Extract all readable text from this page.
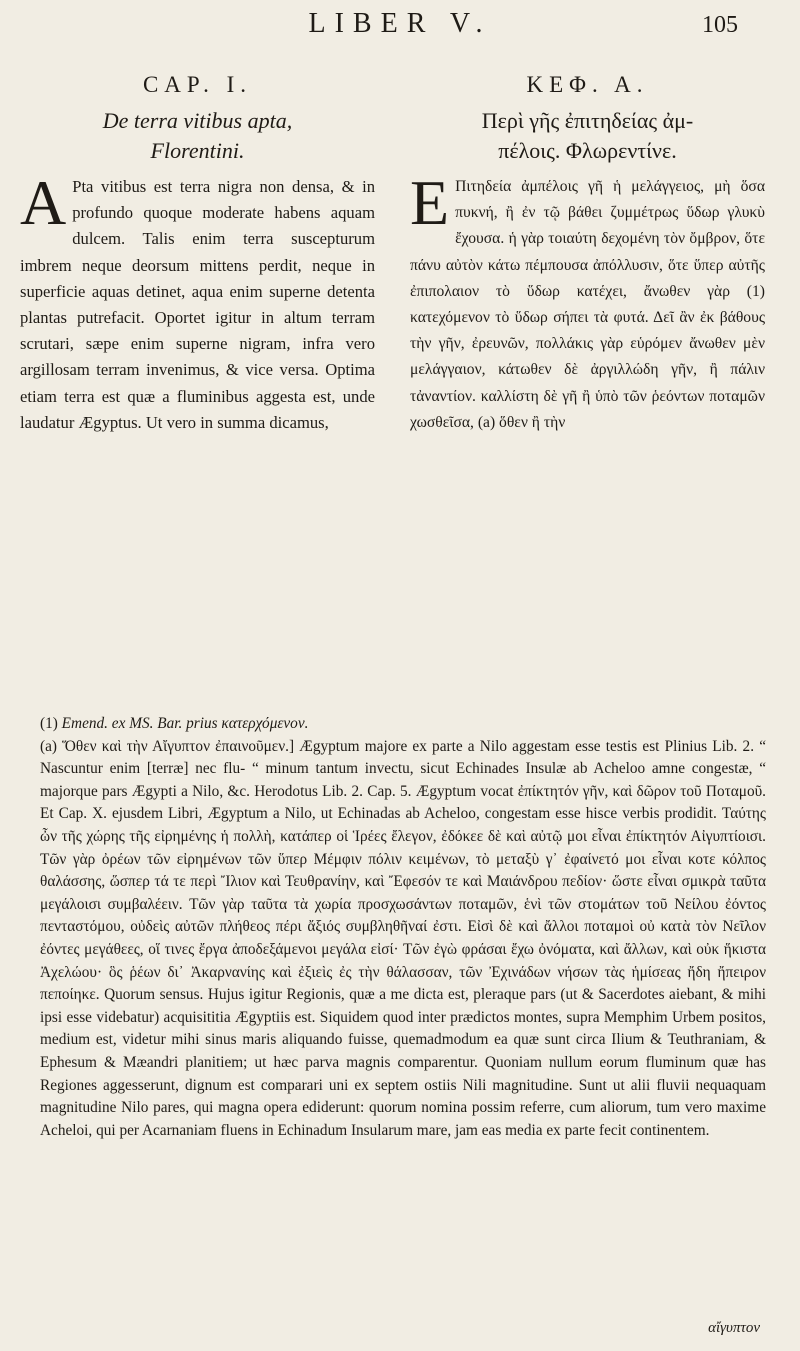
LIBER V.	105
CAP. I.
De terra vitibus apta,
Florentini.

A Pta vitibus est terra nigra non densa, & in profundo quoque moderate habens aquam dulcem. Talis enim terra suscepturum imbrem neque deorsum mittens perdit, neque in superficie aquas detinet, aqua enim superne detenta plantas putrefacit. Oportet igitur in altum terram scrutari, sæpe enim superne nigram, infra vero argillosam terram invenimus, & vice versa. Optima etiam terra est quæ a fluminibus aggesta est, unde laudatur Ægyptus. Ut vero in summa dicamus,

ΚΕΦ. Α.
Περὶ γῆς ἐπιτηδείας ἀμ-
πέλοις. Φλωρεντίνε.

E Πιτηδεία ἀμπέλοις γῆ ἡ μελάγγειος, μὴ ὅσα πυκνή, ἢ ἐν τῷ βάθει ζυμμέτρως ὕδωρ γλυκὺ ἔχουσα. ἡ γὰρ τοιαύτη δεχομένη τὸν ὄμβρον, ὅτε πάνυ αὐτὸν κάτω πέμπουσα ἀπόλλυσιν, ὅτε ὕπερ αὐτῆς ἐπιπολαιον τὸ ὕδωρ κατέχει, ἄνωθεν γὰρ (1) κατεχόμενον τὸ ὕδωρ σήπει τὰ φυτά. Δεῖ ἂν ἐκ βάθους τὴν γῆν, ἐρευνῶν, πολλάκις γὰρ εὑρόμεν ἄνωθεν μὲν μελάγγαιον, κάτωθεν δὲ ἀργιλλώδη γῆν, ἢ πάλιν τἀναντίον. καλλίστη δὲ γῆ ἢ ὑπὸ τῶν ῥεόντων ποταμῶν χωσθεῖσα, (a) ὅθεν ἢ τὴν

(1) Emend. ex MS. Bar. prius κατερχόμενον.

(a) Ὅθεν καὶ τὴν Αἴγυπτον ἐπαινοῦμεν.] Ægyptum majore ex parte a Nilo aggestam esse testis est Plinius Lib. 2. “ Nascuntur enim [terræ] nec flu- “ minum tantum invectu, sicut Echinades Insulæ ab Acheloo amne congestæ, “ majorque pars Ægypti a Nilo, &c. Herodotus Lib. 2. Cap. 5. Ægyptum vocat ἐπίκτητόν γῆν, καὶ δῶρον τοῦ Ποταμοῦ. Et Cap. X. ejusdem Libri, Ægyptum a Nilo, ut Echinadas ab Acheloo, congestam esse hisce verbis prodidit. Ταύτης ὦν τῆς χώρης τῆς εἰρημένης ἡ πολλὴ, κατάπερ οἱ Ἱρέες ἔλεγον, ἐδόκεε δὲ καὶ αὐτῷ μοι εἶναι ἐπίκτητόν Αἰγυπτίοισι. Τῶν γὰρ ὀρέων τῶν εἰρημένων τῶν ὕπερ Μέμφιν πόλιν κειμένων, τὸ μεταξὺ γ᾽ ἐφαίνετό μοι εἶναι κοτε κόλπος θαλάσσης, ὥσπερ τά τε περὶ Ἴλιον καὶ Τευθρανίην, καὶ Ἔφεσόν τε καὶ Μαιάνδρου πεδίον· ὥστε εἶναι σμικρὰ ταῦτα μεγάλοισι συμβαλέειν. Τῶν γὰρ ταῦτα τὰ χωρία προσχωσάντων ποταμῶν, ἑνὶ τῶν στομάτων τοῦ Νείλου ἐόντος πενταστόμου, οὐδεὶς αὐτῶν πλήθεος πέρι ἄξιός συμβληθῆναί ἐστι. Εἰσὶ δὲ καὶ ἄλλοι ποταμοὶ οὐ κατὰ τὸν Νεῖλον ἐόντες μεγάθεες, οἵ τινες ἔργα ἀποδεξάμενοι μεγάλα εἰσί· Τῶν ἐγὼ φράσαι ἔχω ὀνόματα, καὶ ἄλλων, καὶ οὐκ ἥκιστα Ἀχελώου· ὃς ῥέων δι᾽ Ἀκαρνανίης καὶ ἐξιεὶς ἐς τὴν θάλασσαν, τῶν Ἐχινάδων νήσων τὰς ἡμίσεας ἤδη ἤπειρον πεποίηκε. Quorum sensus. Hujus igitur Regionis, quæ a me dicta est, pleraque pars (ut & Sacerdotes aiebant, & mihi ipsi esse videbatur) acquisititia Ægyptiis est. Siquidem quod inter prædictos montes, supra Memphim Urbem positos, medium est, videtur mihi sinus maris aliquando fuisse, quemadmodum ea quæ sunt circa Ilium & Teuthraniam, & Ephesum & Mæandri planitiem; ut hæc parva magnis comparentur. Quoniam nullum eorum fluminum quæ has Regiones aggesserunt, dignum est comparari uni ex septem ostiis Nili magnitudine. Sunt ut alii fluvii nequaquam magnitudine Nilo pares, qui magna opera ediderunt: quorum nomina possim referre, cum aliorum, tum vero maxime Acheloi, qui per Acarnaniam fluens in Echinadum Insularum mare, jam eas media ex parte fecit continentem.

αἴγυπτον
